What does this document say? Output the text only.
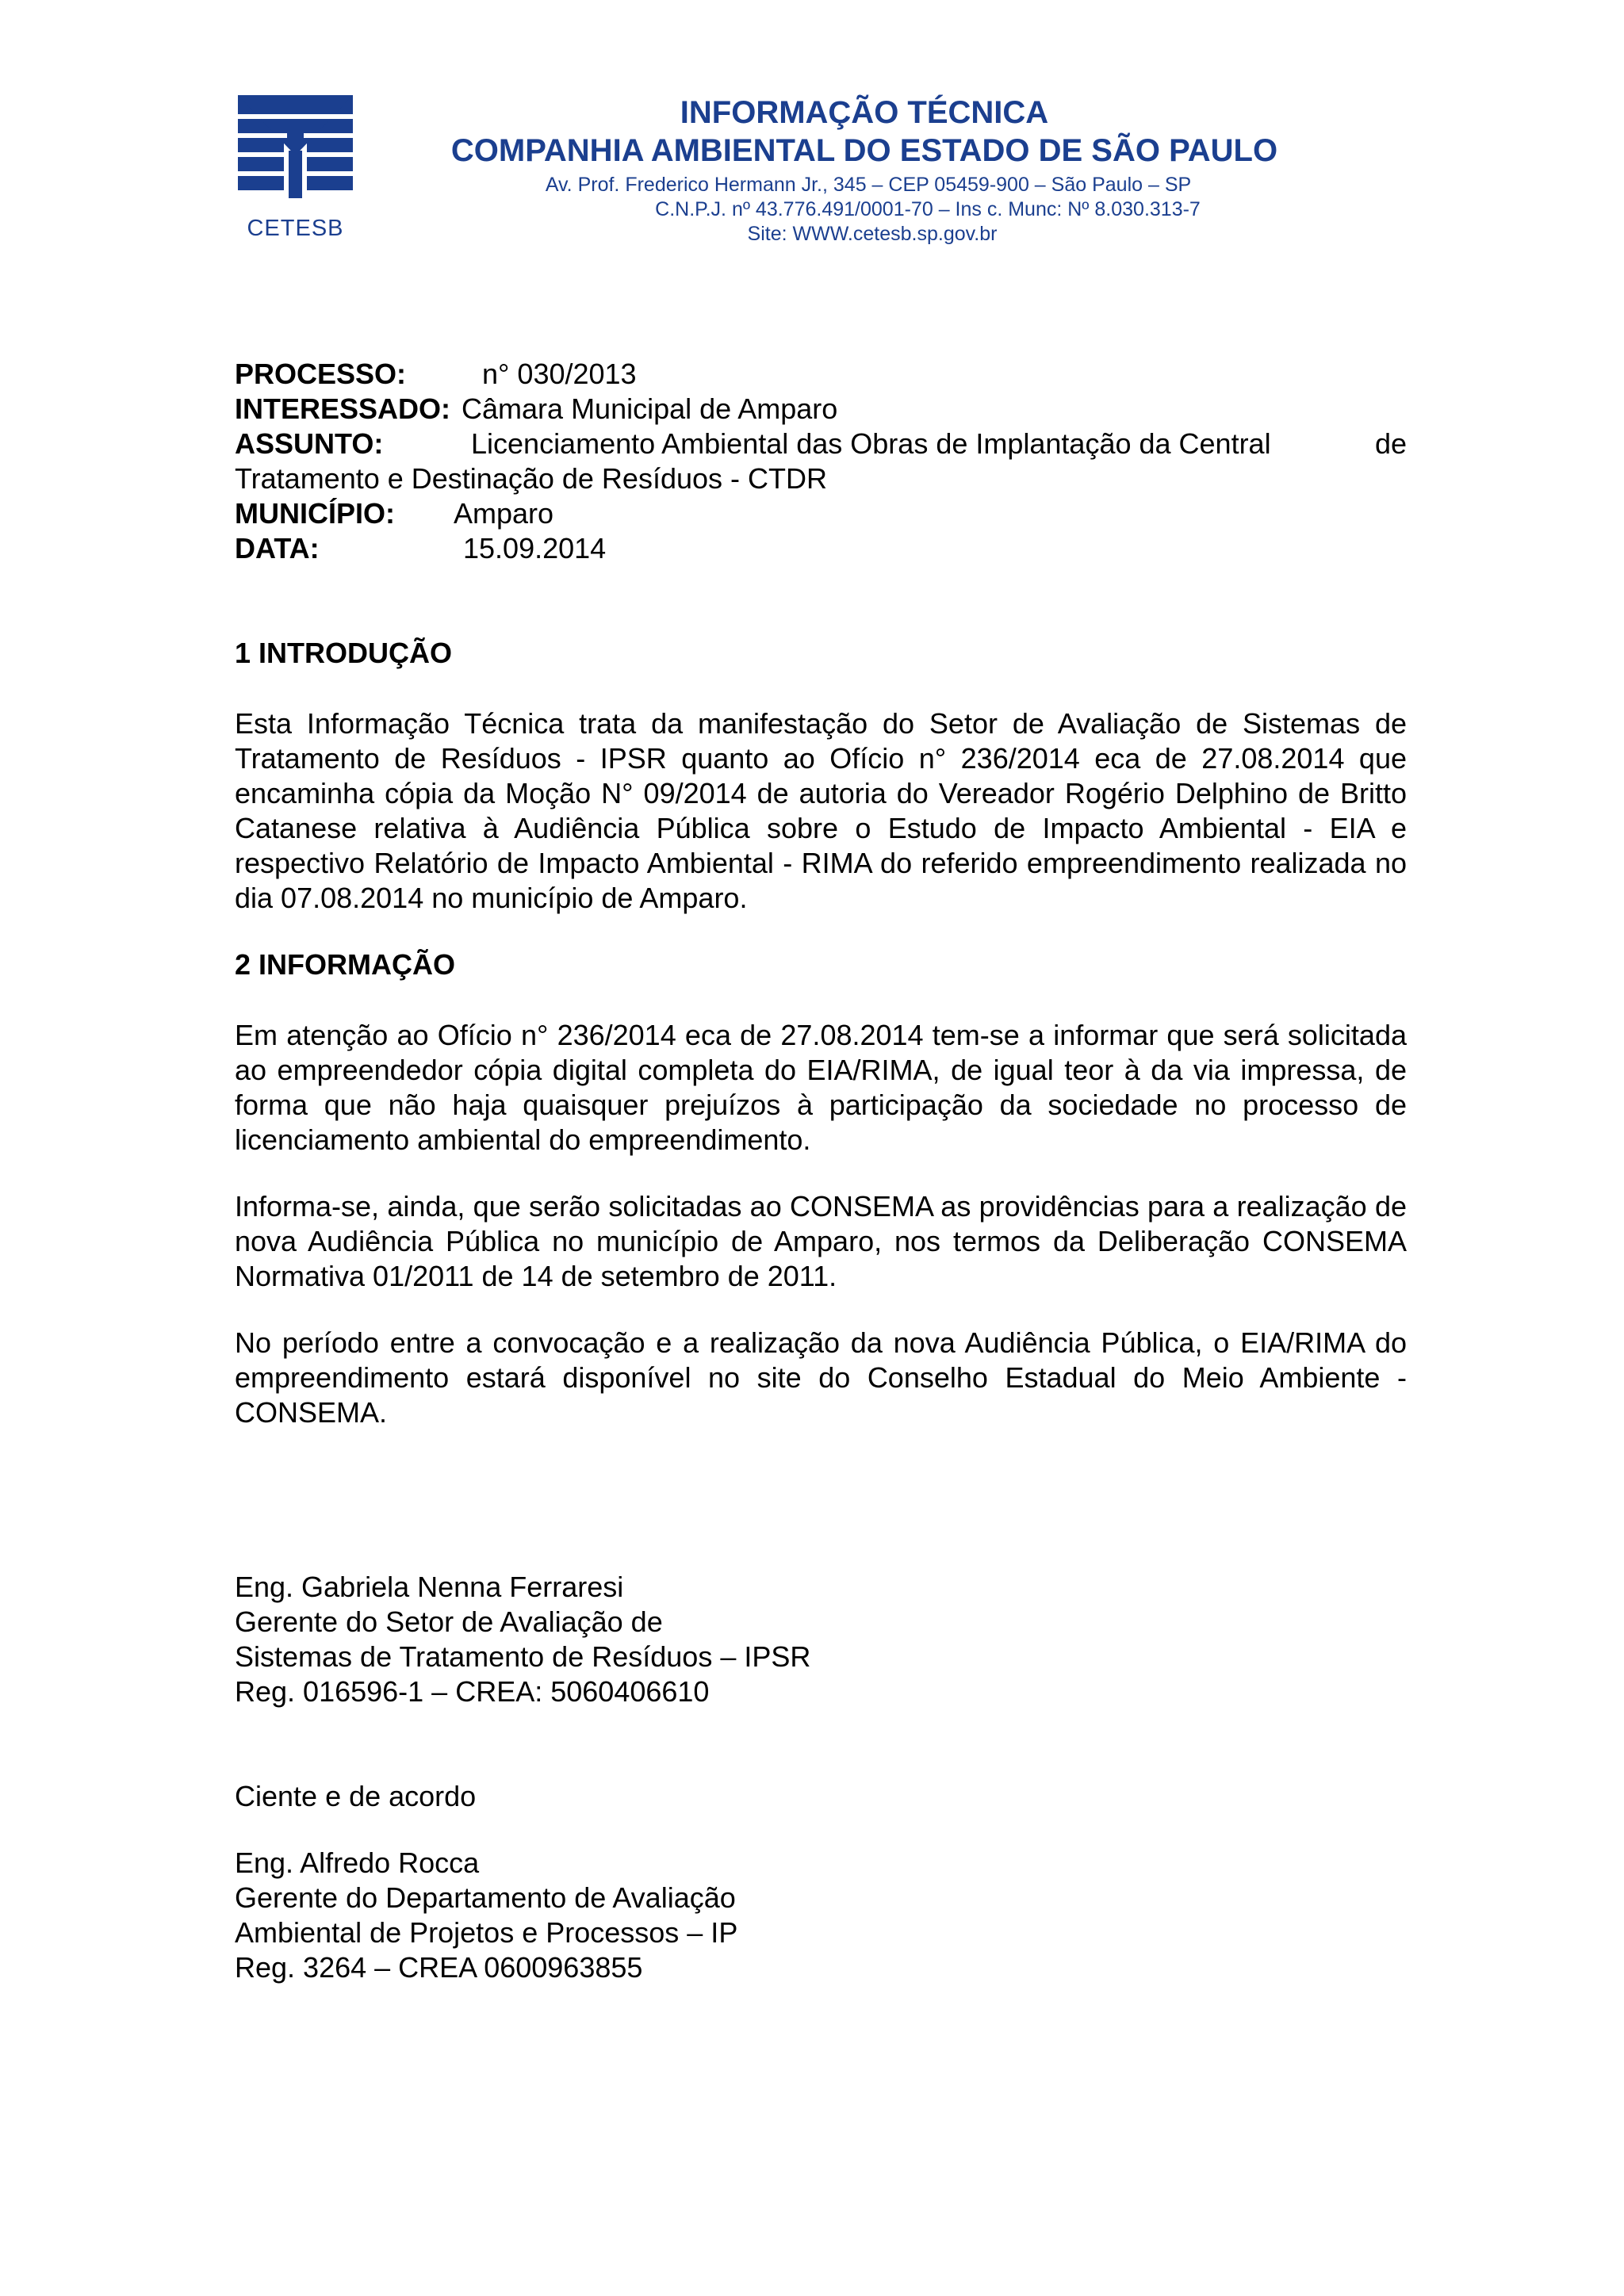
CETESB
INFORMAÇÃO TÉCNICA
COMPANHIA AMBIENTAL DO ESTADO DE SÃO PAULO
Av. Prof. Frederico Hermann Jr., 345 – CEP 05459-900 – São Paulo – SP
C.N.P.J. nº 43.776.491/0001-70 – Ins c. Munc: Nº 8.030.313-7
Site: WWW.cetesb.sp.gov.br
PROCESSO:	n° 030/2013
INTERESSADO: Câmara Municipal de Amparo
ASSUNTO:	Licenciamento Ambiental das Obras de Implantação da Central	de
Tratamento e Destinação de Resíduos - CTDR
MUNICÍPIO:	Amparo
DATA:	15.09.2014

1 INTRODUÇÃO

Esta Informação Técnica trata da manifestação do Setor de Avaliação de Sistemas de Tratamento de Resíduos - IPSR quanto ao Ofício n° 236/2014 eca de 27.08.2014 que encaminha cópia da Moção N° 09/2014 de autoria do Vereador Rogério Delphino de Britto Catanese relativa à Audiência Pública sobre o Estudo de Impacto Ambiental - EIA e respectivo Relatório de Impacto Ambiental - RIMA do referido empreendimento realizada no dia 07.08.2014 no município de Amparo.

2 INFORMAÇÃO

Em atenção ao Ofício n° 236/2014 eca de 27.08.2014 tem-se a informar que será solicitada ao empreendedor cópia digital completa do EIA/RIMA, de igual teor à da via impressa, de forma que não haja quaisquer prejuízos à participação da sociedade no processo de licenciamento ambiental do empreendimento.

Informa-se, ainda, que serão solicitadas ao CONSEMA as providências para a realização de nova Audiência Pública no município de Amparo, nos termos da Deliberação CONSEMA Normativa 01/2011 de 14 de setembro de 2011.

No período entre a convocação e a realização da nova Audiência Pública, o EIA/RIMA do empreendimento estará disponível no site do Conselho Estadual do Meio Ambiente - CONSEMA.

Eng. Gabriela Nenna Ferraresi
Gerente do Setor de Avaliação de
Sistemas de Tratamento de Resíduos – IPSR
Reg. 016596-1 – CREA: 5060406610

Ciente e de acordo

Eng. Alfredo Rocca
Gerente do Departamento de Avaliação
Ambiental de Projetos e Processos – IP
Reg. 3264 – CREA 0600963855
